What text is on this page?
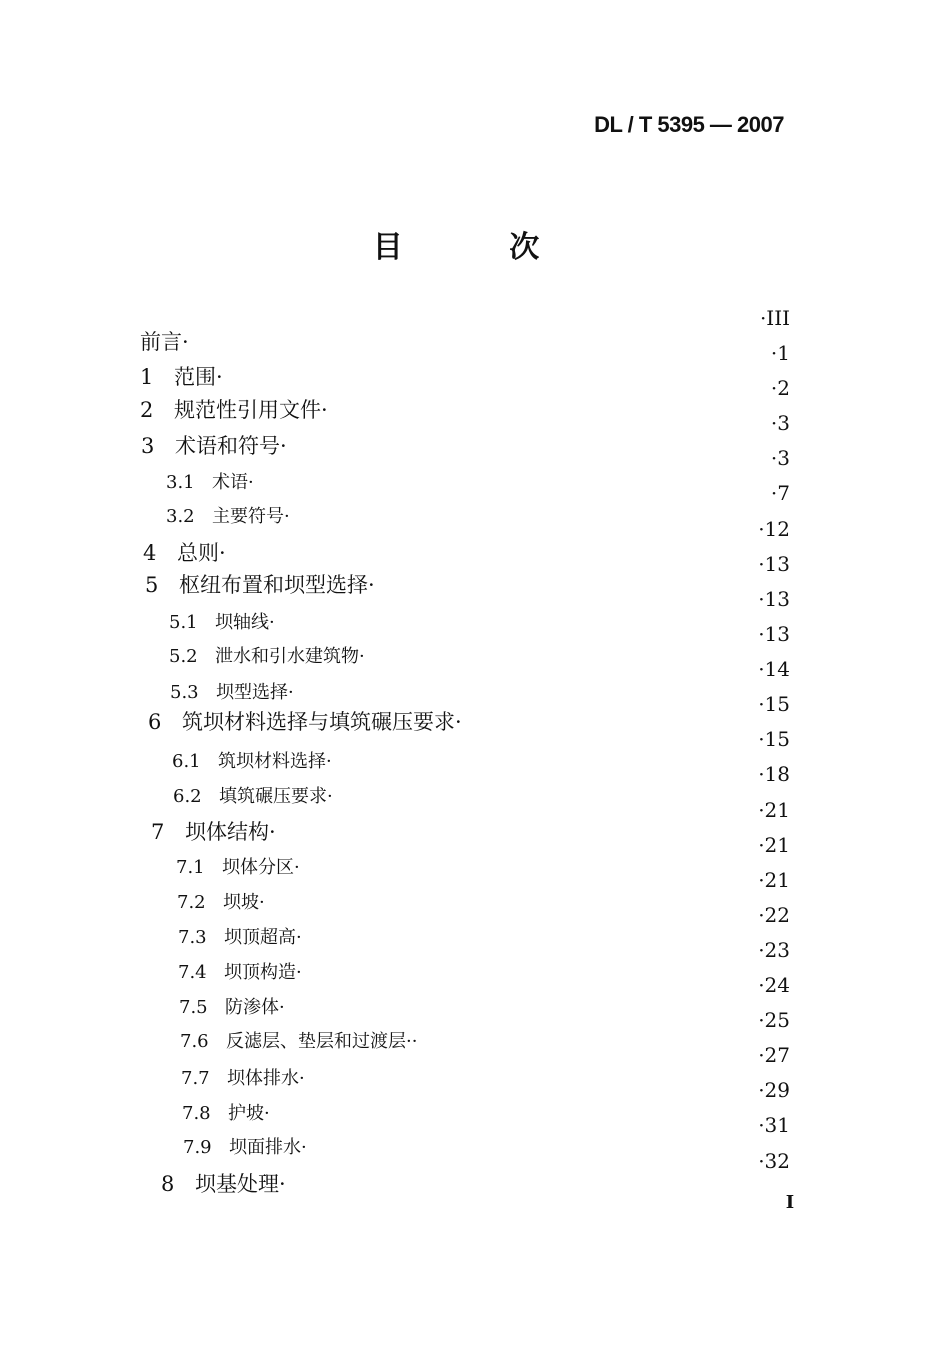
DL / T 5395 — 2007
目 次
前言·
1 范围·
2 规范性引用文件·
3 术语和符号·
3.1 术语·
3.2 主要符号·
4 总则·
5 枢纽布置和坝型选择·
5.1 坝轴线·
5.2 泄水和引水建筑物·
5.3 坝型选择·
6 筑坝材料选择与填筑碾压要求·
6.1 筑坝材料选择·
6.2 填筑碾压要求·
7 坝体结构·
7.1 坝体分区·
7.2 坝坡·
7.3 坝顶超高·
7.4 坝顶构造·
7.5 防渗体·
7.6 反滤层、垫层和过渡层··
7.7 坝体排水·
7.8 护坡·
7.9 坝面排水·
8 坝基处理·
·III
·1
·2
·3
·3
·7
·12
·13
·13
·13
·14
·15
·15
·18
·21
·21
·21
·22
·23
·24
·25
·27
·29
·31
·32
I
